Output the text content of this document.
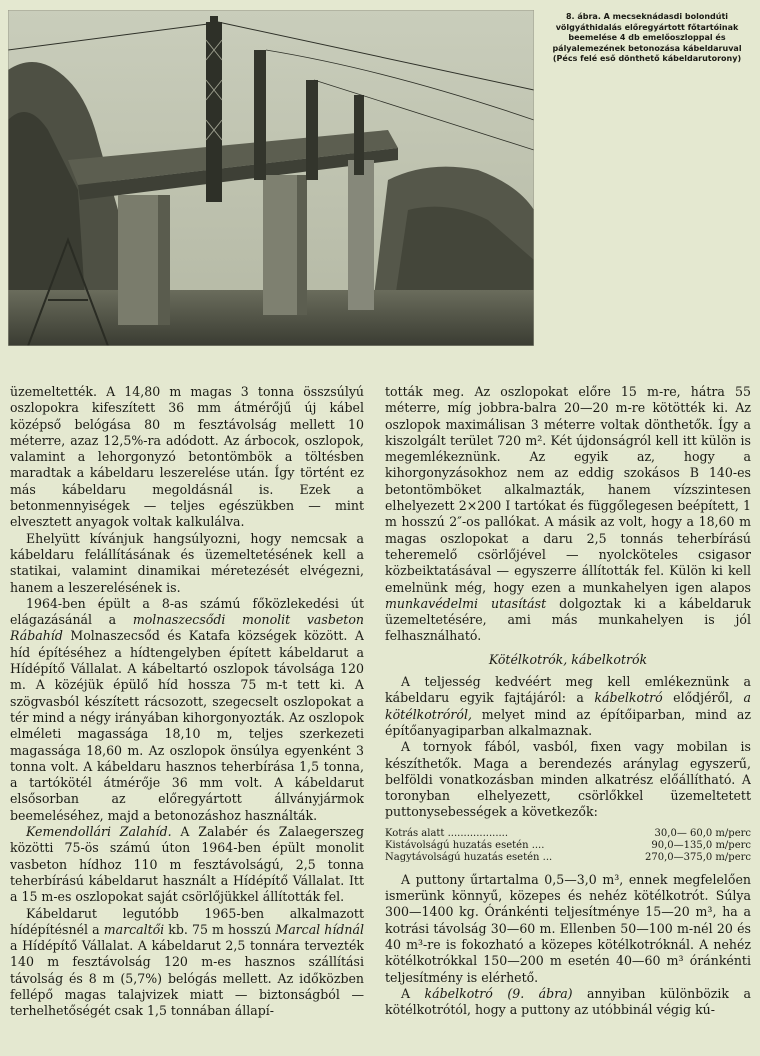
8. ábra. A mecseknádasdi bolondúti völgyáthidalás előregyártott főtartóinak beemelése 4 db emelőoszloppal és pályalemezének betonozása kábeldaruval (Pécs felé eső dönthető kábeldarutorony)

üzemeltették. A 14,80 m magas 3 tonna összsúlyú oszlopokra kifeszített 36 mm átmérőjű új kábel középső belógása 80 m fesztávolság mellett 10 méterre, azaz 12,5%-ra adódott. Az árbocok, oszlopok, valamint a lehorgonyzó betontömbök a töltésben maradtak a kábeldaru leszerelése után. Így történt ez más kábeldaru megoldásnál is. Ezek a betonmennyiségek — teljes egészükben — mint elvesztett anyagok voltak kalkulálva.

Ehelyütt kívánjuk hangsúlyozni, hogy nemcsak a kábeldaru felállításának és üzemeltetésének kell a statikai, valamint dinamikai méretezését elvégezni, hanem a leszerelésének is.

1964-ben épült a 8-as számú főközlekedési út elágazásánál a molnaszecsődi monolit vasbeton Rábahíd Molnaszecsőd és Katafa községek között. A híd építéséhez a hídtengelyben épített kábeldarut a Hídépítő Vállalat. A kábeltartó oszlopok távolsága 120 m. A közéjük épülő híd hossza 75 m-t tett ki. A szögvasból készített rácsozott, szegecselt oszlopokat a tér mind a négy irányában kihorgonyozták. Az oszlopok elméleti magassága 18,10 m, teljes szerkezeti magassága 18,60 m. Az oszlopok önsúlya egyenként 3 tonna volt. A kábeldaru hasznos teherbírása 1,5 tonna, a tartókötél átmérője 36 mm volt. A kábeldarut elsősorban az előregyártott állványjármok beemeléséhez, majd a betonozáshoz használták.

Kemendollári Zalahíd. A Zalabér és Zalaegerszeg közötti 75-ös számú úton 1964-ben épült monolit vasbeton hídhoz 110 m fesztávolságú, 2,5 tonna teherbírású kábeldarut használt a Hídépítő Vállalat. Itt a 15 m-es oszlopokat saját csörlőjükkel állították fel.

Kábeldarut legutóbb 1965-ben alkalmazott hídépítésnél a marcaltői kb. 75 m hosszú Marcal hídnál a Hídépítő Vállalat. A kábeldarut 2,5 tonnára tervezték 140 m fesztávolság 120 m-es hasznos szállítási távolság és 8 m (5,7%) belógás mellett. Az időközben fellépő magas talajvizek miatt — biztonságból — terhelhetőségét csak 1,5 tonnában állapí-

tották meg. Az oszlopokat előre 15 m-re, hátra 55 méterre, míg jobbra-balra 20—20 m-re kötötték ki. Az oszlopok maximálisan 3 méterre voltak dönthetők. Így a kiszolgált terület 720 m². Két újdonságról kell itt külön is megemlékeznünk. Az egyik az, hogy a kihorgonyzásokhoz nem az eddig szokásos B 140-es betontömböket alkalmazták, hanem vízszintesen elhelyezett 2×200 I tartókat és függőlegesen beépített, 1 m hosszú 2″-os pallókat. A másik az volt, hogy a 18,60 m magas oszlopokat a daru 2,5 tonnás teherbírású teheremelő csörlőjével — nyolcköteles csigasor közbeiktatásával — egyszerre állították fel. Külön ki kell emelnünk még, hogy ezen a munkahelyen igen alapos munkavédelmi utasítást dolgoztak ki a kábeldaruk üzemeltetésére, ami más munkahelyen is jól felhasználható.

Kötélkotrók, kábelkotrók

A teljesség kedvéért meg kell emlékeznünk a kábeldaru egyik fajtájáról: a kábelkotró elődjéről, a kötélkotróról, melyet mind az építőiparban, mind az építőanyagiparban alkalmaznak.

A tornyok fából, vasból, fixen vagy mobilan is készíthetők. Maga a berendezés aránylag egyszerű, belföldi vonatkozásban minden alkatrész előállítható. A toronyban elhelyezett, csörlőkkel üzemeltetett puttonysebességek a következők:

Kotrás alatt ...................	30,0— 60,0 m/perc
Kistávolságú huzatás esetén ....	90,0—135,0 m/perc
Nagytávolságú huzatás esetén ...	270,0—375,0 m/perc

A puttony űrtartalma 0,5—3,0 m³, ennek megfelelően ismerünk könnyű, közepes és nehéz kötélkotrót. Súlya 300—1400 kg. Óránkénti teljesítménye 15—20 m³, ha a kotrási távolság 30—60 m. Ellenben 50—100 m-nél 20 és 40 m³-re is fokozható a közepes kötélkotróknál. A nehéz kötélkotrókkal 150—200 m esetén 40—60 m³ óránkénti teljesítmény is elérhető.

A kábelkotró (9. ábra) annyiban különbözik a kötélkotrótól, hogy a puttony az utóbbinál végig kú-
